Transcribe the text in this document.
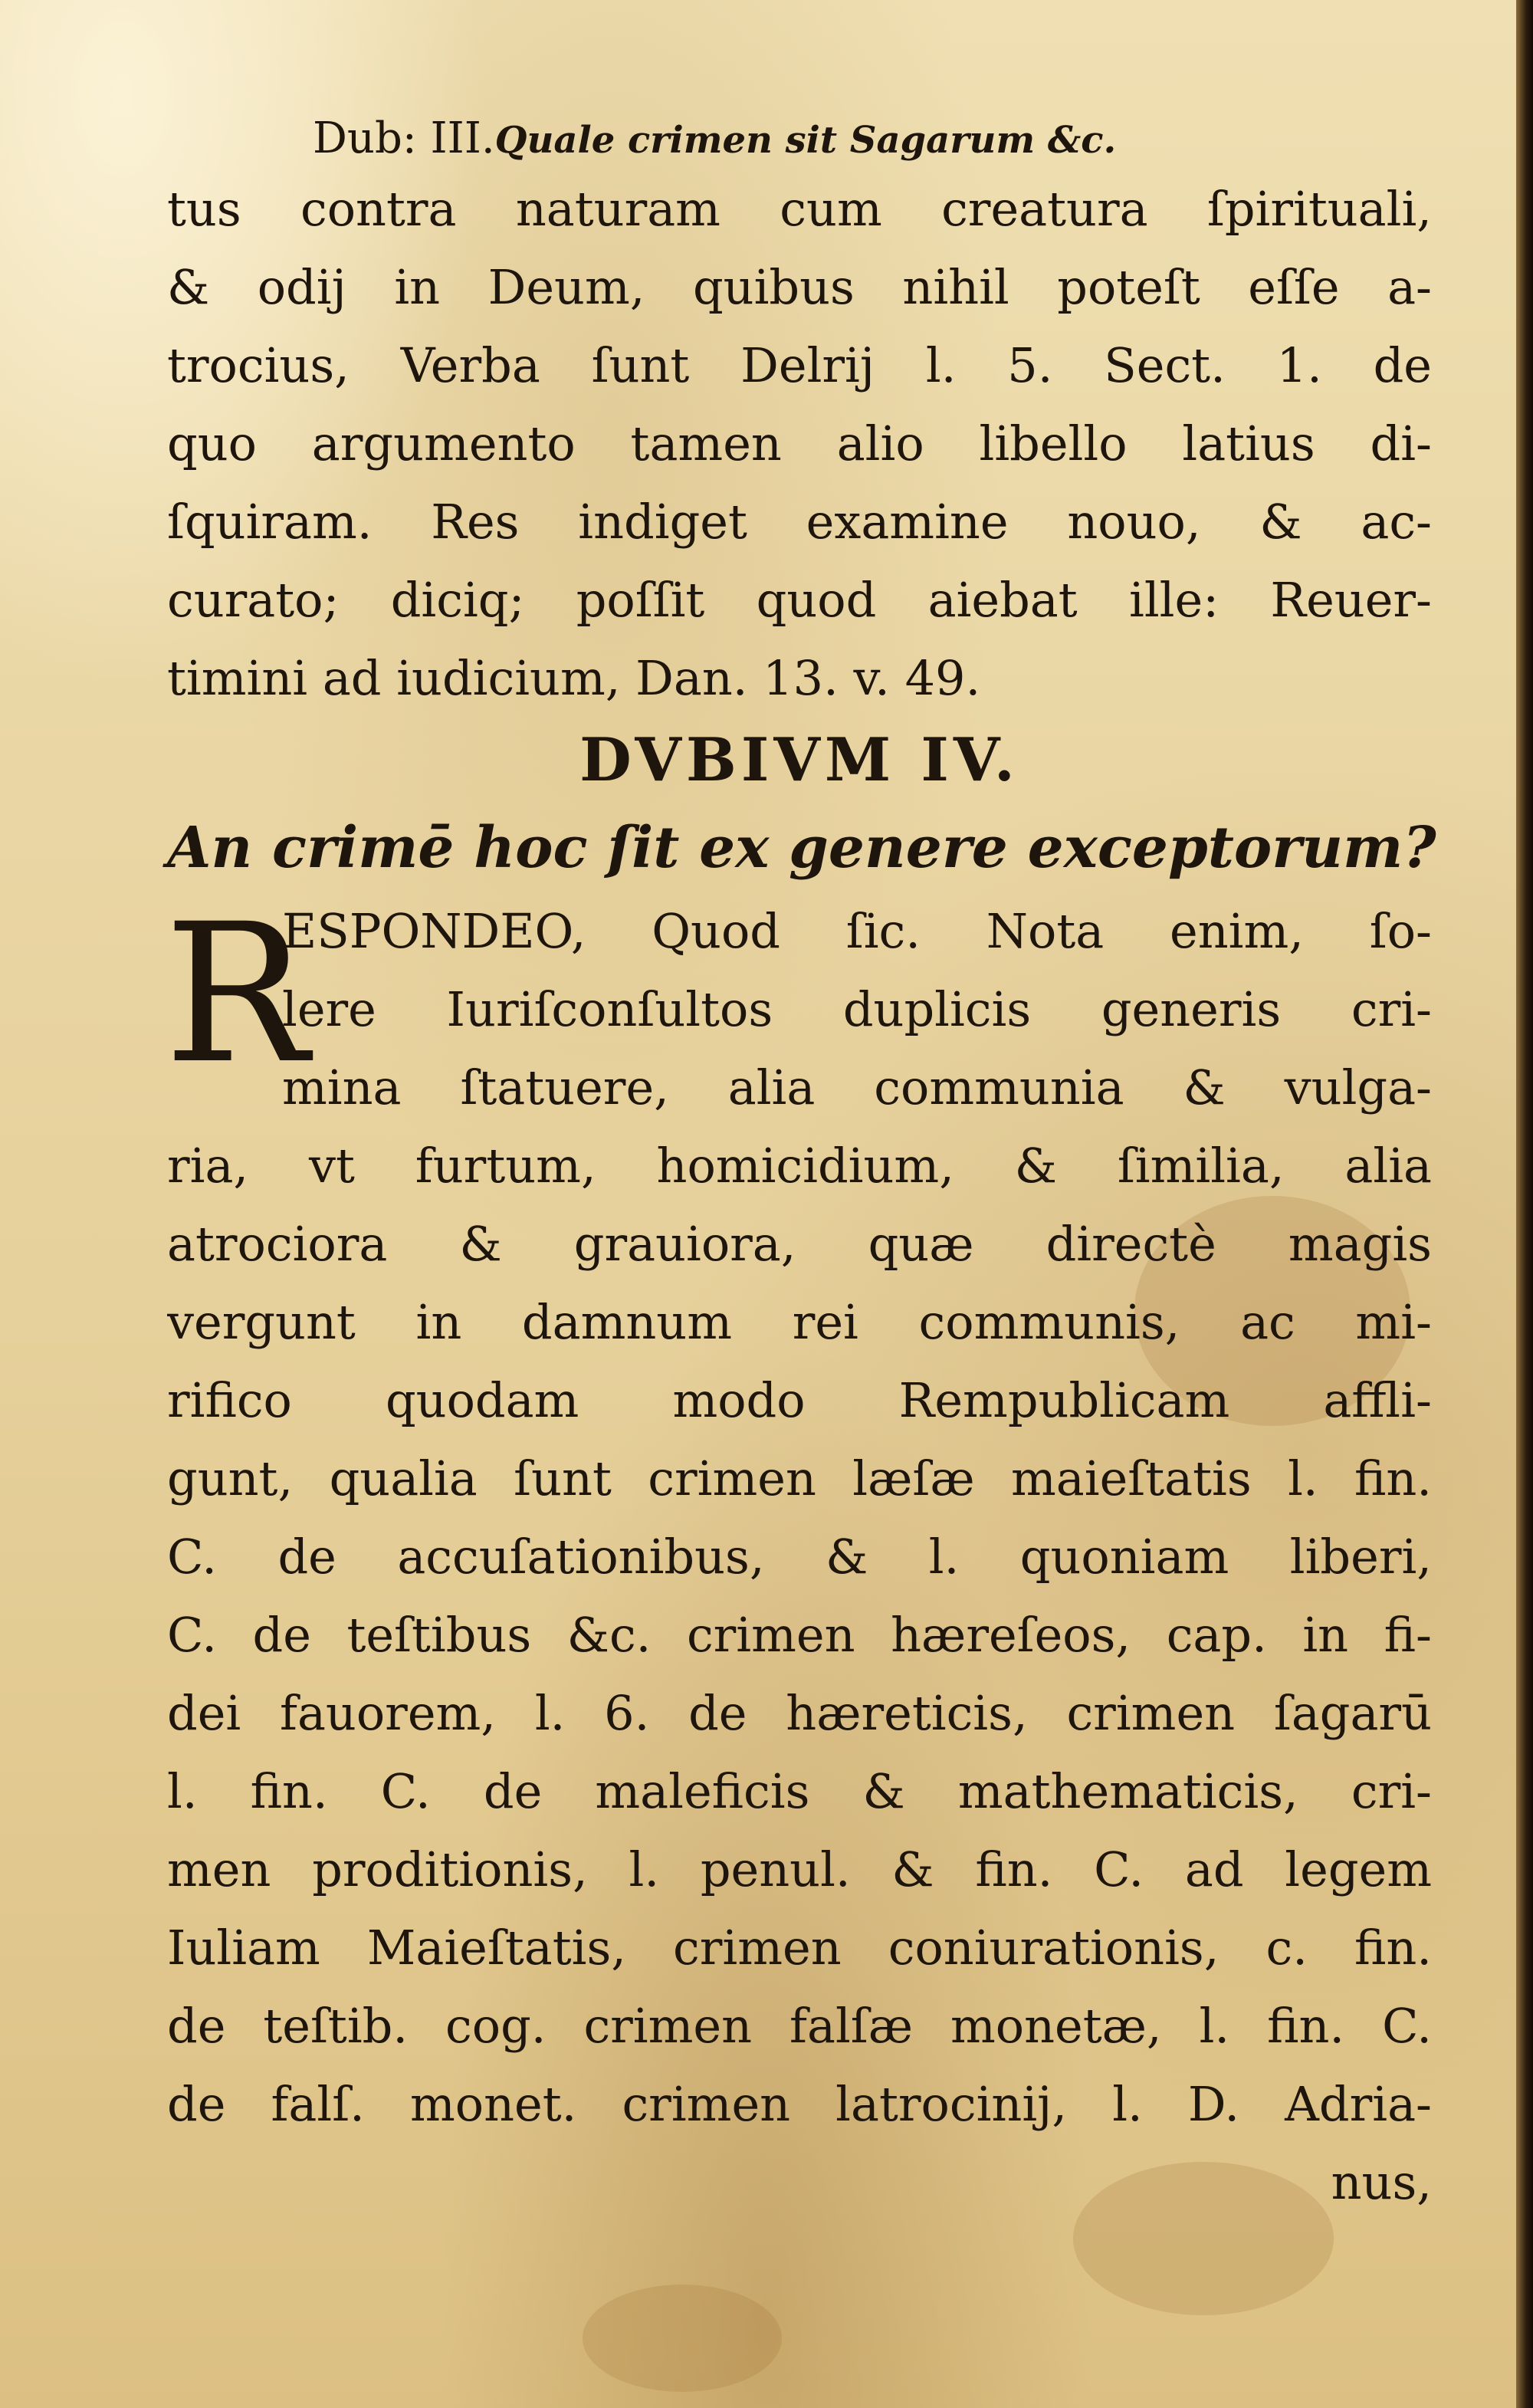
Dub: III.Quale crimen sit Sagarum &c.
tus contra naturam cum creatura ſpirituali,
& odij in Deum, quibus nihil poteſt eſſe a-
trocius, Verba ſunt Delrij l. 5. Sect. 1. de
quo argumento tamen alio libello latius di-
ſquiram. Res indiget examine nouo, & ac-
curato; diciq; poſſit quod aiebat ille: Reuer-
timini ad iudicium, Dan. 13. v. 49.
DVBIVM IV.
An crimē hoc ſit ex genere exceptorum?
R
ESPONDEO, Quod ſic. Nota enim, ſo-
lere Iuriſconſultos duplicis generis cri-
mina ſtatuere, alia communia & vulga-
ria, vt furtum, homicidium, & ſimilia, alia
atrociora & grauiora, quæ directè magis
vergunt in damnum rei communis, ac mi-
rifico quodam modo Rempublicam affli-
gunt, qualia ſunt crimen læſæ maieſtatis l. fin.
C. de accuſationibus, & l. quoniam liberi,
C. de teſtibus &c. crimen hæreſeos, cap. in fi-
dei fauorem, l. 6. de hæreticis, crimen ſagarū
l. fin. C. de maleficis & mathematicis, cri-
men proditionis, l. penul. & fin. C. ad legem
Iuliam Maieſtatis, crimen coniurationis, c. fin.
de teſtib. cog. crimen falſæ monetæ, l. fin. C.
de falſ. monet. crimen latrocinij, l. D. Adria-
nus,
